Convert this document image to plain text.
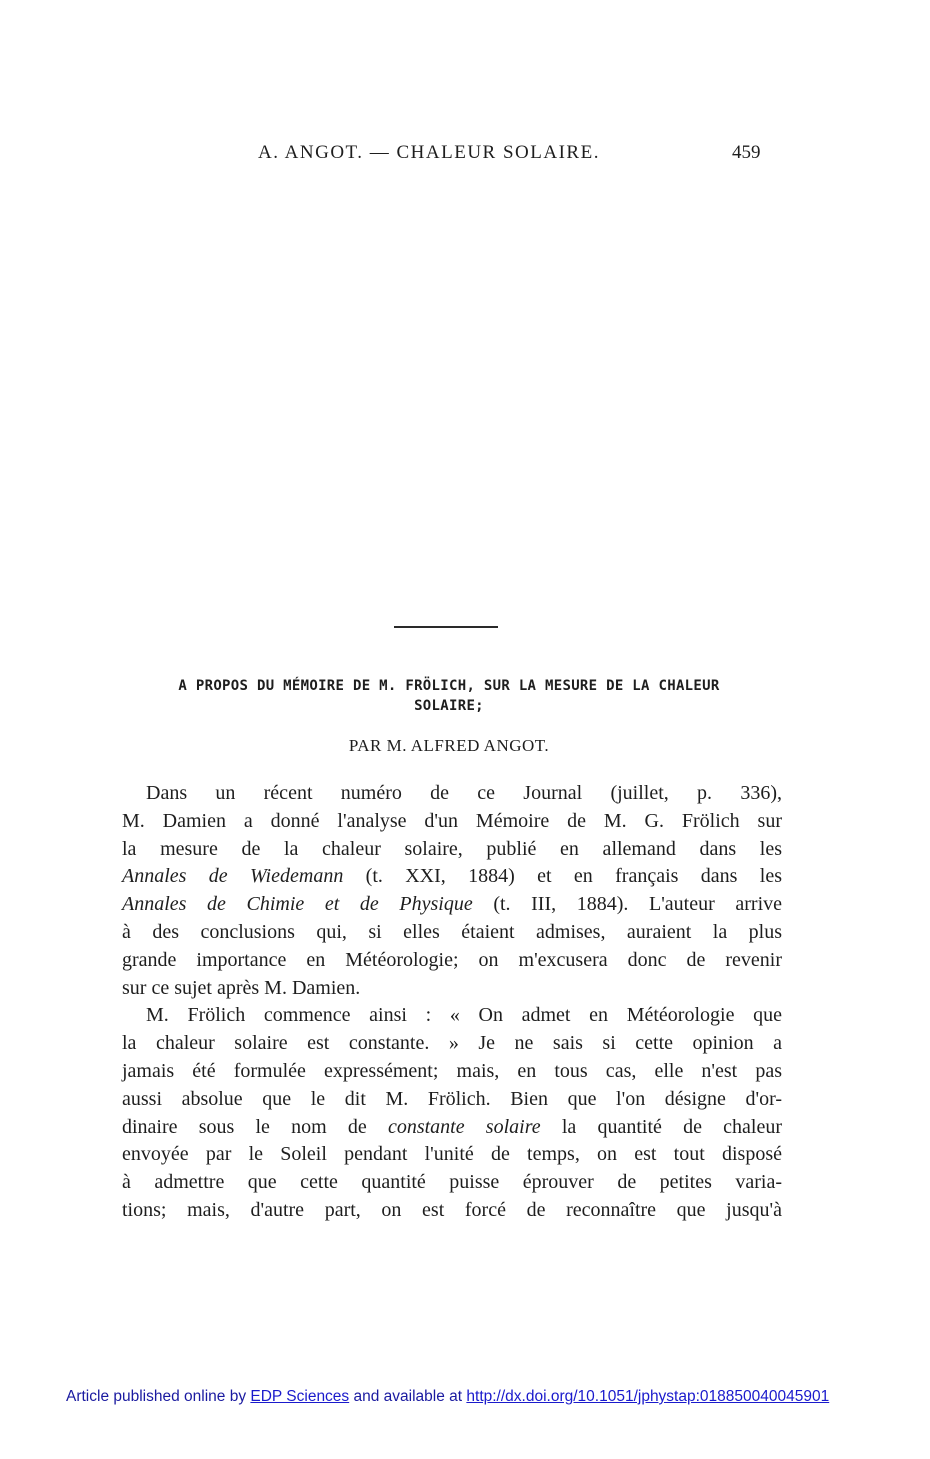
A. ANGOT. — CHALEUR SOLAIRE.	459
A PROPOS DU MÉMOIRE DE M. FRÖLICH, SUR LA MESURE DE LA CHALEUR
SOLAIRE;
PAR M. ALFRED ANGOT.
Dans un récent numéro de ce Journal (juillet, p. 336),
M. Damien a donné l'analyse d'un Mémoire de M. G. Frölich sur
la mesure de la chaleur solaire, publié en allemand dans les
Annales de Wiedemann (t. XXI, 1884) et en français dans les
Annales de Chimie et de Physique (t. III, 1884). L'auteur arrive
à des conclusions qui, si elles étaient admises, auraient la plus
grande importance en Météorologie; on m'excusera donc de revenir
sur ce sujet après M. Damien.
M. Frölich commence ainsi : « On admet en Météorologie que
la chaleur solaire est constante. » Je ne sais si cette opinion a
jamais été formulée expressément; mais, en tous cas, elle n'est pas
aussi absolue que le dit M. Frölich. Bien que l'on désigne d'or-
dinaire sous le nom de constante solaire la quantité de chaleur
envoyée par le Soleil pendant l'unité de temps, on est tout disposé
à admettre que cette quantité puisse éprouver de petites varia-
tions; mais, d'autre part, on est forcé de reconnaître que jusqu'à
Article published online by EDP Sciences and available at http://dx.doi.org/10.1051/jphystap:018850040045901
